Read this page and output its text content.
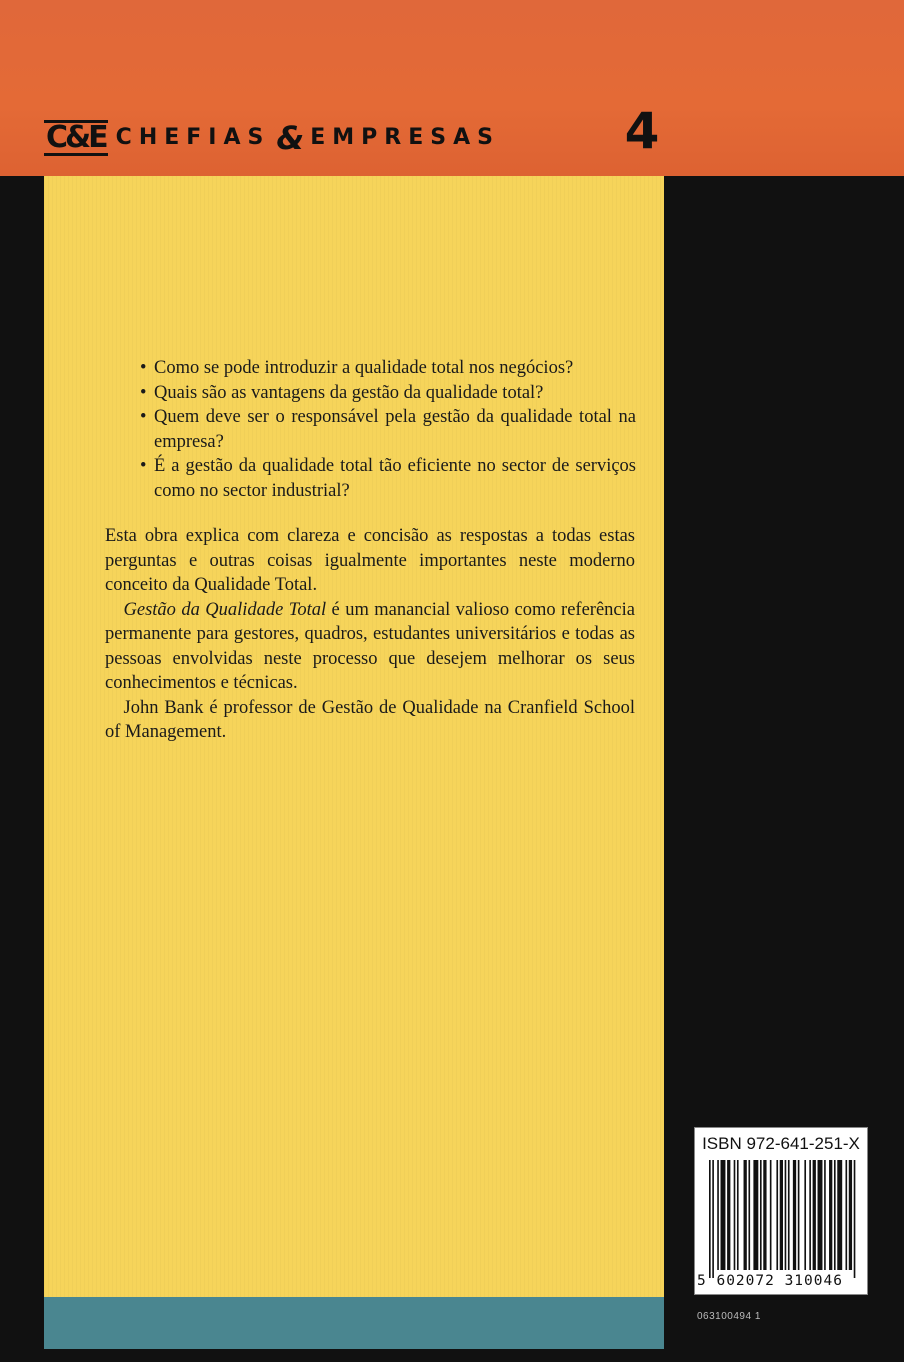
C&E CHEFIAS & EMPRESAS 4
• Como se pode introduzir a qualidade total nos negócios?
• Quais são as vantagens da gestão da qualidade total?
• Quem deve ser o responsável pela gestão da qualidade total na empresa?
• É a gestão da qualidade total tão eficiente no sector de serviços como no sector industrial?

Esta obra explica com clareza e concisão as respostas a todas estas perguntas e outras coisas igualmente importantes neste moderno conceito da Qualidade Total.

 Gestão da Qualidade Total é um manancial valioso como referência permanente para gestores, quadros, estudantes universitários e todas as pessoas envolvidas neste processo que desejem melhorar os seus conhecimentos e técnicas.

 John Bank é professor de Gestão de Qualidade na Cranfield School of Management.

ISBN 972-641-251-X
5 602072 310046
063100494 1
